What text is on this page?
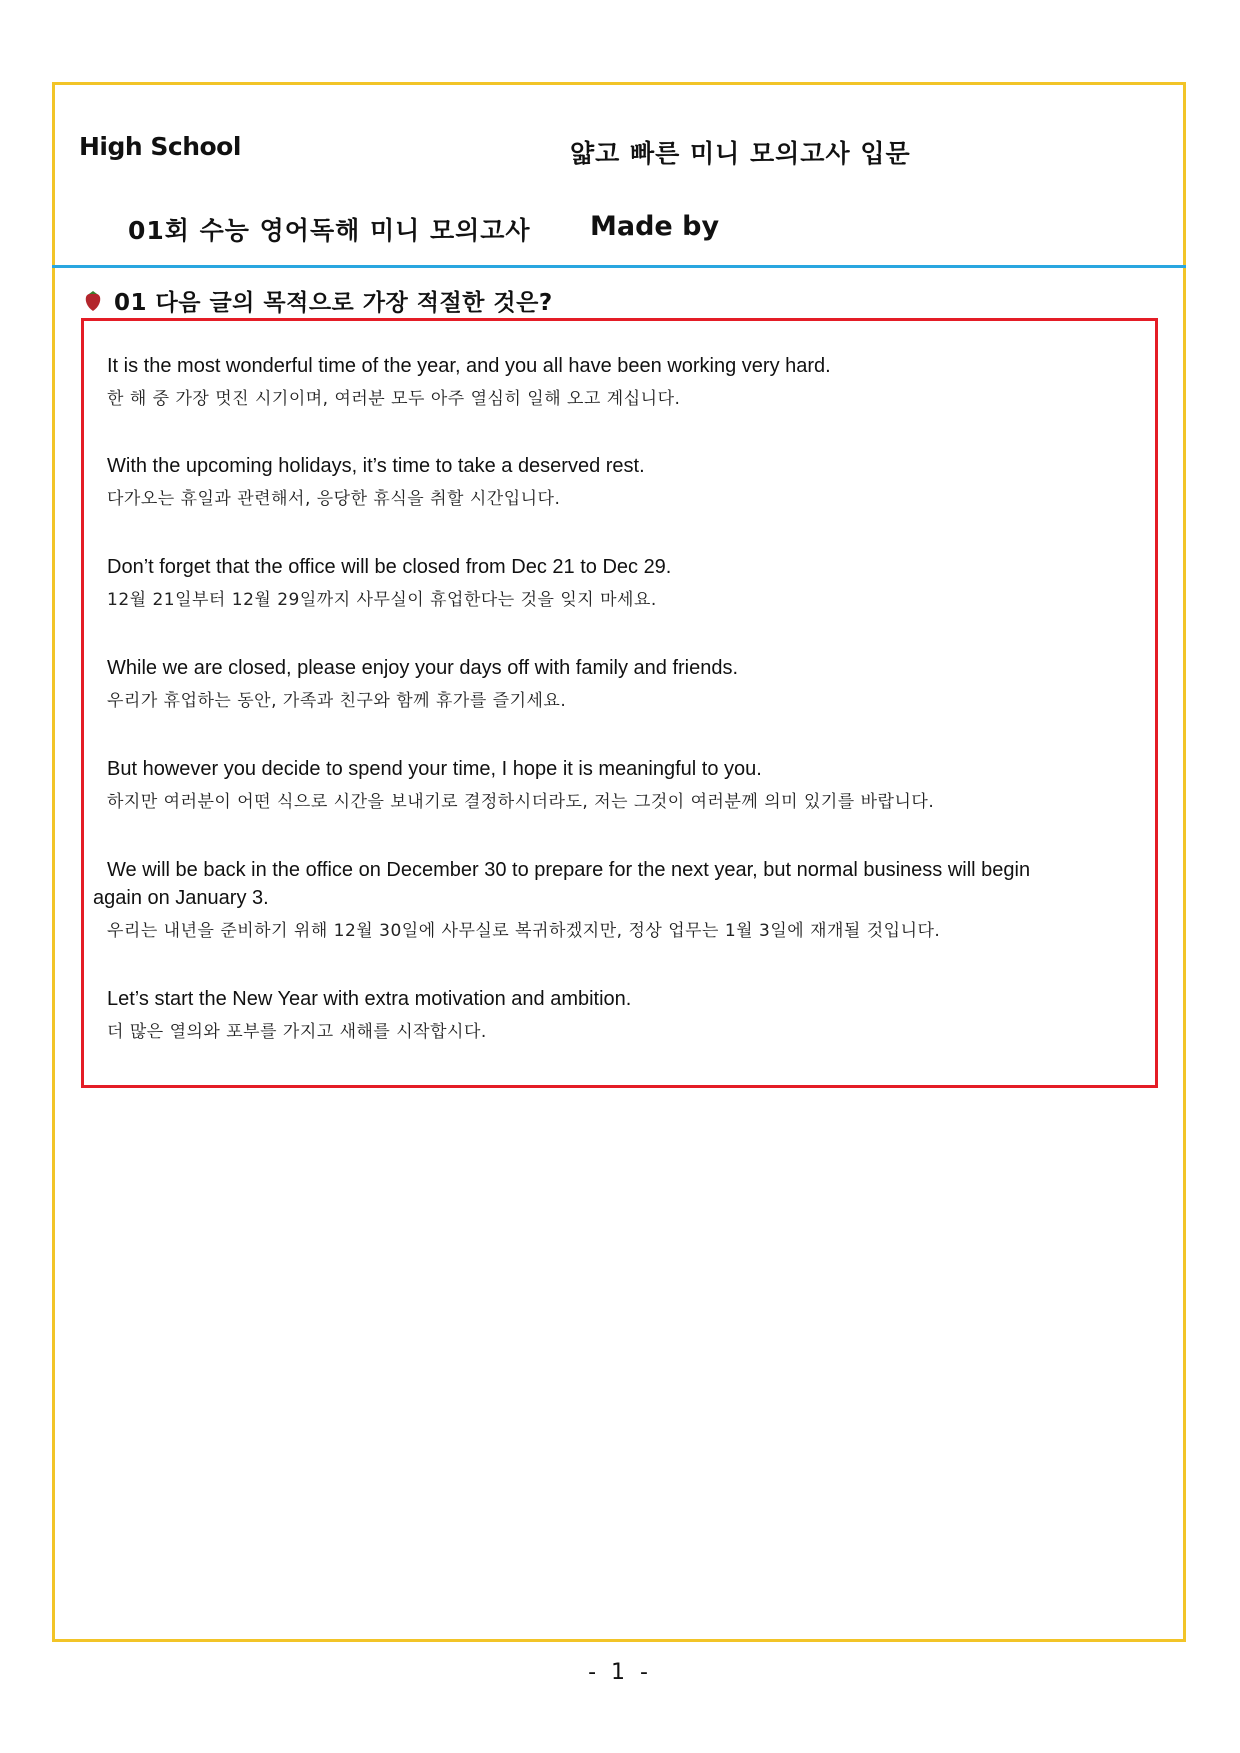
High School	얇고 빠른 미니 모의고사 입문
01회 수능 영어독해 미니 모의고사 Made by
01 다음 글의 목적으로 가장 적절한 것은?
It is the most wonderful time of the year, and you all have been working very hard.
한 해 중 가장 멋진 시기이며, 여러분 모두 아주 열심히 일해 오고 계십니다.
With the upcoming holidays, it’s time to take a deserved rest.
다가오는 휴일과 관련해서, 응당한 휴식을 취할 시간입니다.
Don’t forget that the office will be closed from Dec 21 to Dec 29.
12월 21일부터 12월 29일까지 사무실이 휴업한다는 것을 잊지 마세요.
While we are closed, please enjoy your days off with family and friends.
우리가 휴업하는 동안, 가족과 친구와 함께 휴가를 즐기세요.
But however you decide to spend your time, I hope it is meaningful to you.
하지만 여러분이 어떤 식으로 시간을 보내기로 결정하시더라도, 저는 그것이 여러분께 의미 있기를 바랍니다.
We will be back in the office on December 30 to prepare for the next year, but normal business will begin
again on January 3.
우리는 내년을 준비하기 위해 12월 30일에 사무실로 복귀하겠지만, 정상 업무는 1월 3일에 재개될 것입니다.
Let’s start the New Year with extra motivation and ambition.
더 많은 열의와 포부를 가지고 새해를 시작합시다.
- 1 -
